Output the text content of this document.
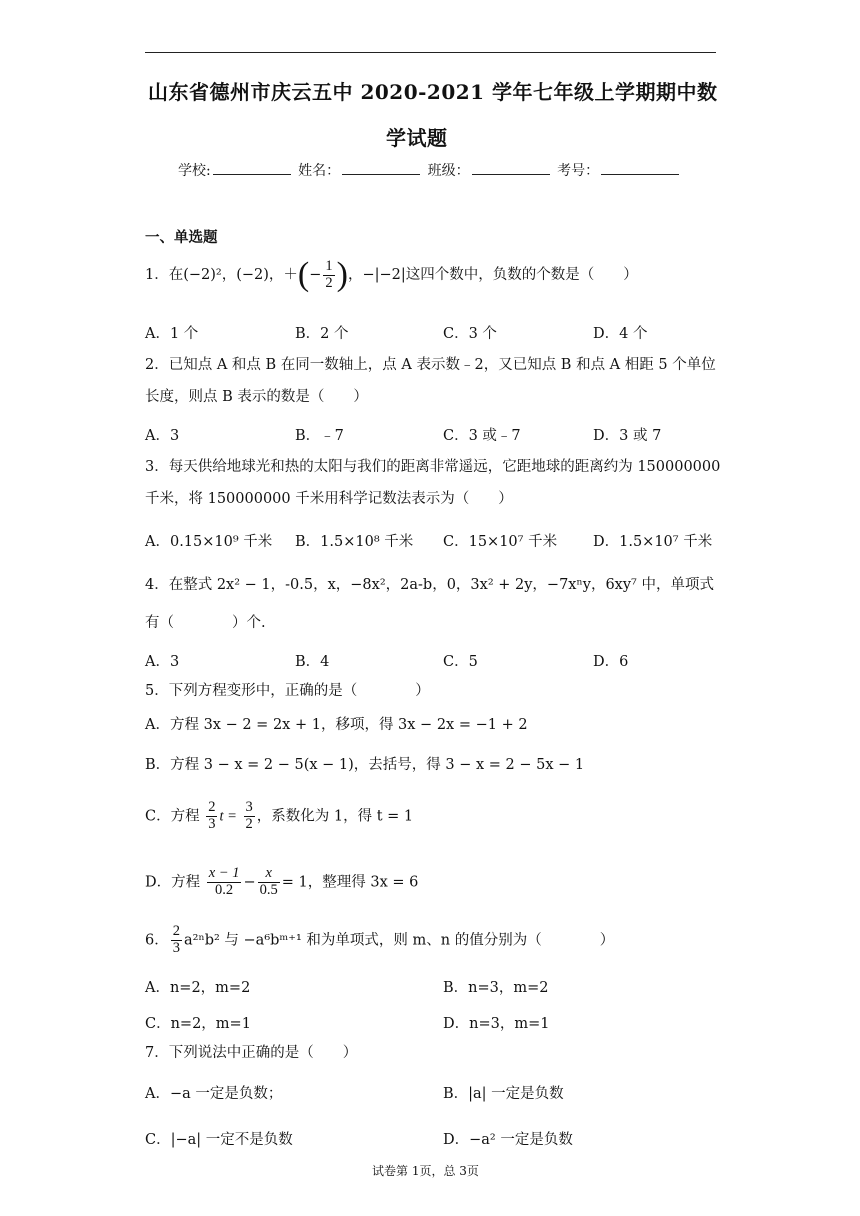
山东省德州市庆云五中 2020-2021 学年七年级上学期期中数
学试题
学校:	姓名：	班级：	考号：
一、单选题
1．在(−2)²，(−2)，＋(− $\frac{1}{2}$ )，−|−2|这四个数中，负数的个数是（　　）
A．1 个	B．2 个	C．3 个	D．4 个
2．已知点 A 和点 B 在同一数轴上，点 A 表示数﹣2，又已知点 B 和点 A 相距 5 个单位
长度，则点 B 表示的数是（　　）
A．3	B．﹣7	C．3 或﹣7	D．3 或 7
3．每天供给地球光和热的太阳与我们的距离非常遥远，它距地球的距离约为 150000000
千米，将 150000000 千米用科学记数法表示为（　　）
A．0.15×10⁹ 千米 B．1.5×10⁸ 千米 C．15×10⁷ 千米 D．1.5×10⁷ 千米
4．在整式 2x² − 1，-0.5，x，−8x²，2a-b，0，3x² + 2y，−7xⁿy，6xy⁷ 中，单项式
有（　　　　）个.
A．3	B．4	C．5	D．6
5．下列方程变形中，正确的是（　　　　）
A．方程 3x − 2 = 2x + 1，移项，得 3x − 2x = −1 + 2
B．方程 3 − x = 2 − 5(x − 1)，去括号，得 3 − x = 2 − 5x − 1
C．方程 $\frac{2}{3}$ $t = \frac{3}{2}$ ，系数化为 1，得 t = 1
D．方程 $\frac{x - 1}{0.2} - \frac{x}{0.5} = 1$，整理得 3x = 6
6． $\frac{2}{3} a^{2n}b^2$ 与 −a⁶bᵐ⁺¹ 和为单项式，则 m、n 的值分别为（　　　　）
A．n=2，m=2	B．n=3，m=2
C．n=2，m=1	D．n=3，m=1
7．下列说法中正确的是（　　）
A．−a 一定是负数；	B．|a| 一定是负数
C．|−a| 一定不是负数	D．−a² 一定是负数
试卷第 1页，总 3页
